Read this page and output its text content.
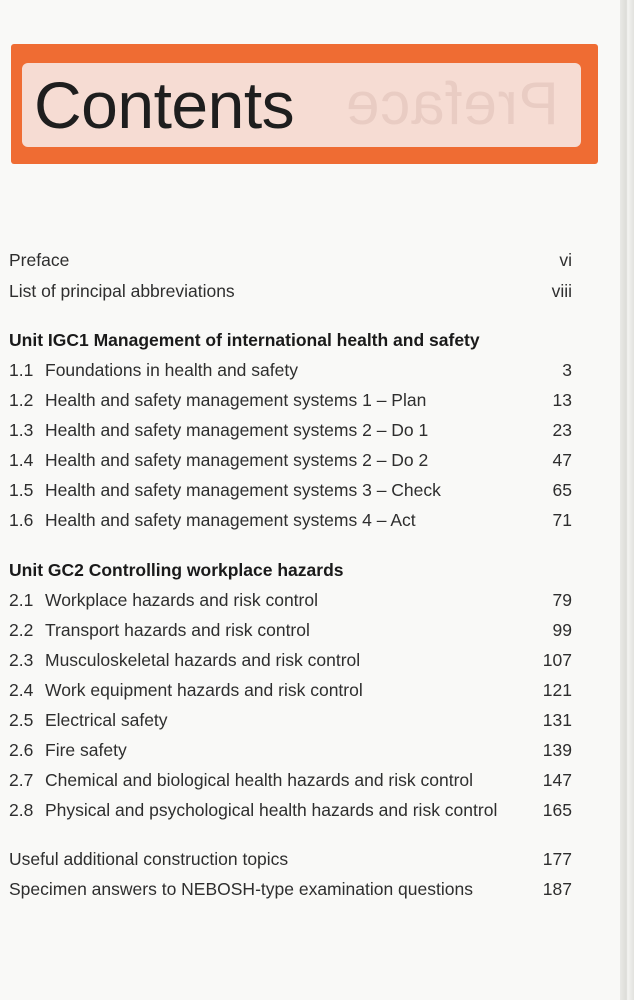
Preface
Contents
Preface	vi
List of principal abbreviations	viii
Unit IGC1 Management of international health and safety
1.1 Foundations in health and safety	3
1.2 Health and safety management systems 1 – Plan	13
1.3 Health and safety management systems 2 – Do 1	23
1.4 Health and safety management systems 2 – Do 2	47
1.5 Health and safety management systems 3 – Check	65
1.6 Health and safety management systems 4 – Act	71
Unit GC2 Controlling workplace hazards
2.1 Workplace hazards and risk control	79
2.2 Transport hazards and risk control	99
2.3 Musculoskeletal hazards and risk control	107
2.4 Work equipment hazards and risk control	121
2.5 Electrical safety	131
2.6 Fire safety	139
2.7 Chemical and biological health hazards and risk control	147
2.8 Physical and psychological health hazards and risk control	165
Useful additional construction topics	177
Specimen answers to NEBOSH-type examination questions	187
